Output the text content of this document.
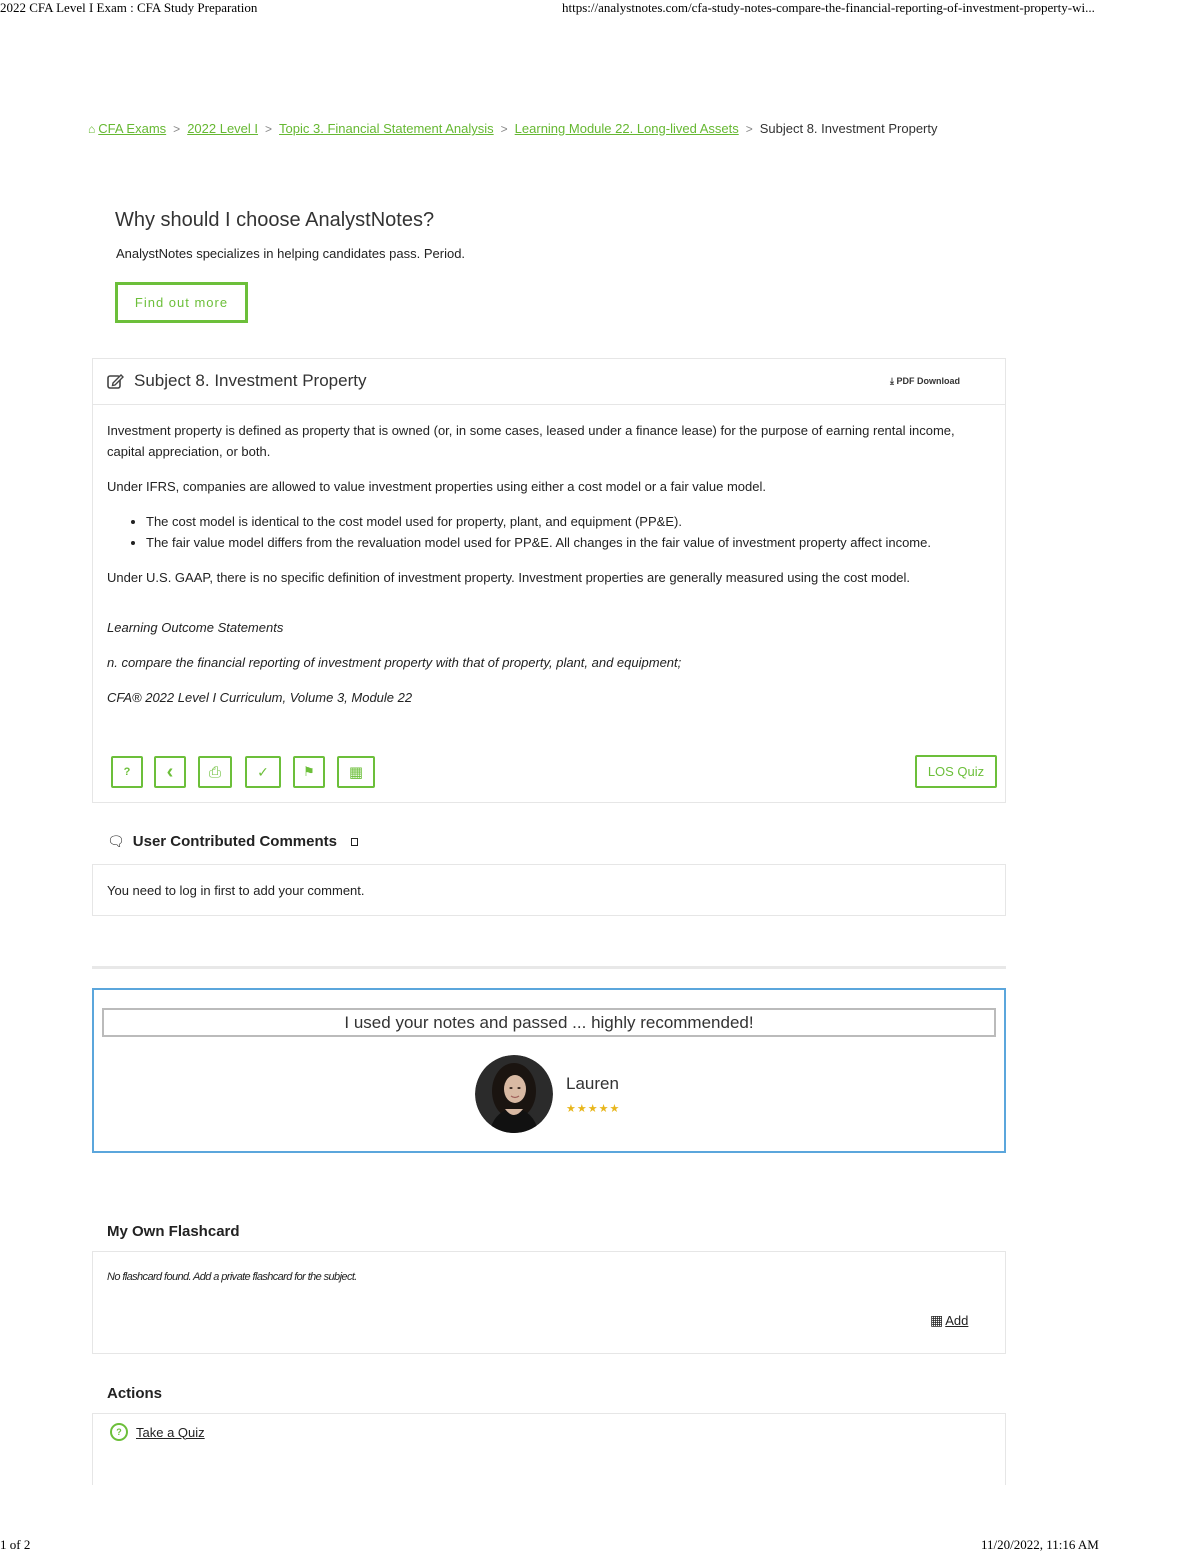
2022 CFA Level I Exam : CFA Study Preparation	https://analystnotes.com/cfa-study-notes-compare-the-financial-reporting-of-investment-property-wi...
⌂ CFA Exams > 2022 Level I > Topic 3. Financial Statement Analysis > Learning Module 22. Long-lived Assets > Subject 8. Investment Property
Why should I choose AnalystNotes?
AnalystNotes specializes in helping candidates pass. Period.
Find out more
Subject 8. Investment Property	⤓ PDF Download

Investment property is defined as property that is owned (or, in some cases, leased under a finance lease) for the purpose of earning rental income, capital appreciation, or both.

Under IFRS, companies are allowed to value investment properties using either a cost model or a fair value model.

• The cost model is identical to the cost model used for property, plant, and equipment (PP&E).
• The fair value model differs from the revaluation model used for PP&E. All changes in the fair value of investment property affect income.

Under U.S. GAAP, there is no specific definition of investment property. Investment properties are generally measured using the cost model.

Learning Outcome Statements
n. compare the financial reporting of investment property with that of property, plant, and equipment;
CFA® 2022 Level I Curriculum, Volume 3, Module 22
? ‹ ⎙	✓	⚑ ▦	LOS Quiz
🗨 User Contributed Comments
You need to log in first to add your comment.
I used your notes and passed ... highly recommended!
Lauren
★★★★★
My Own Flashcard
No flashcard found. Add a private flashcard for the subject.
▦ Add
Actions
?	Take a Quiz
1 of 2	11/20/2022, 11:16 AM
